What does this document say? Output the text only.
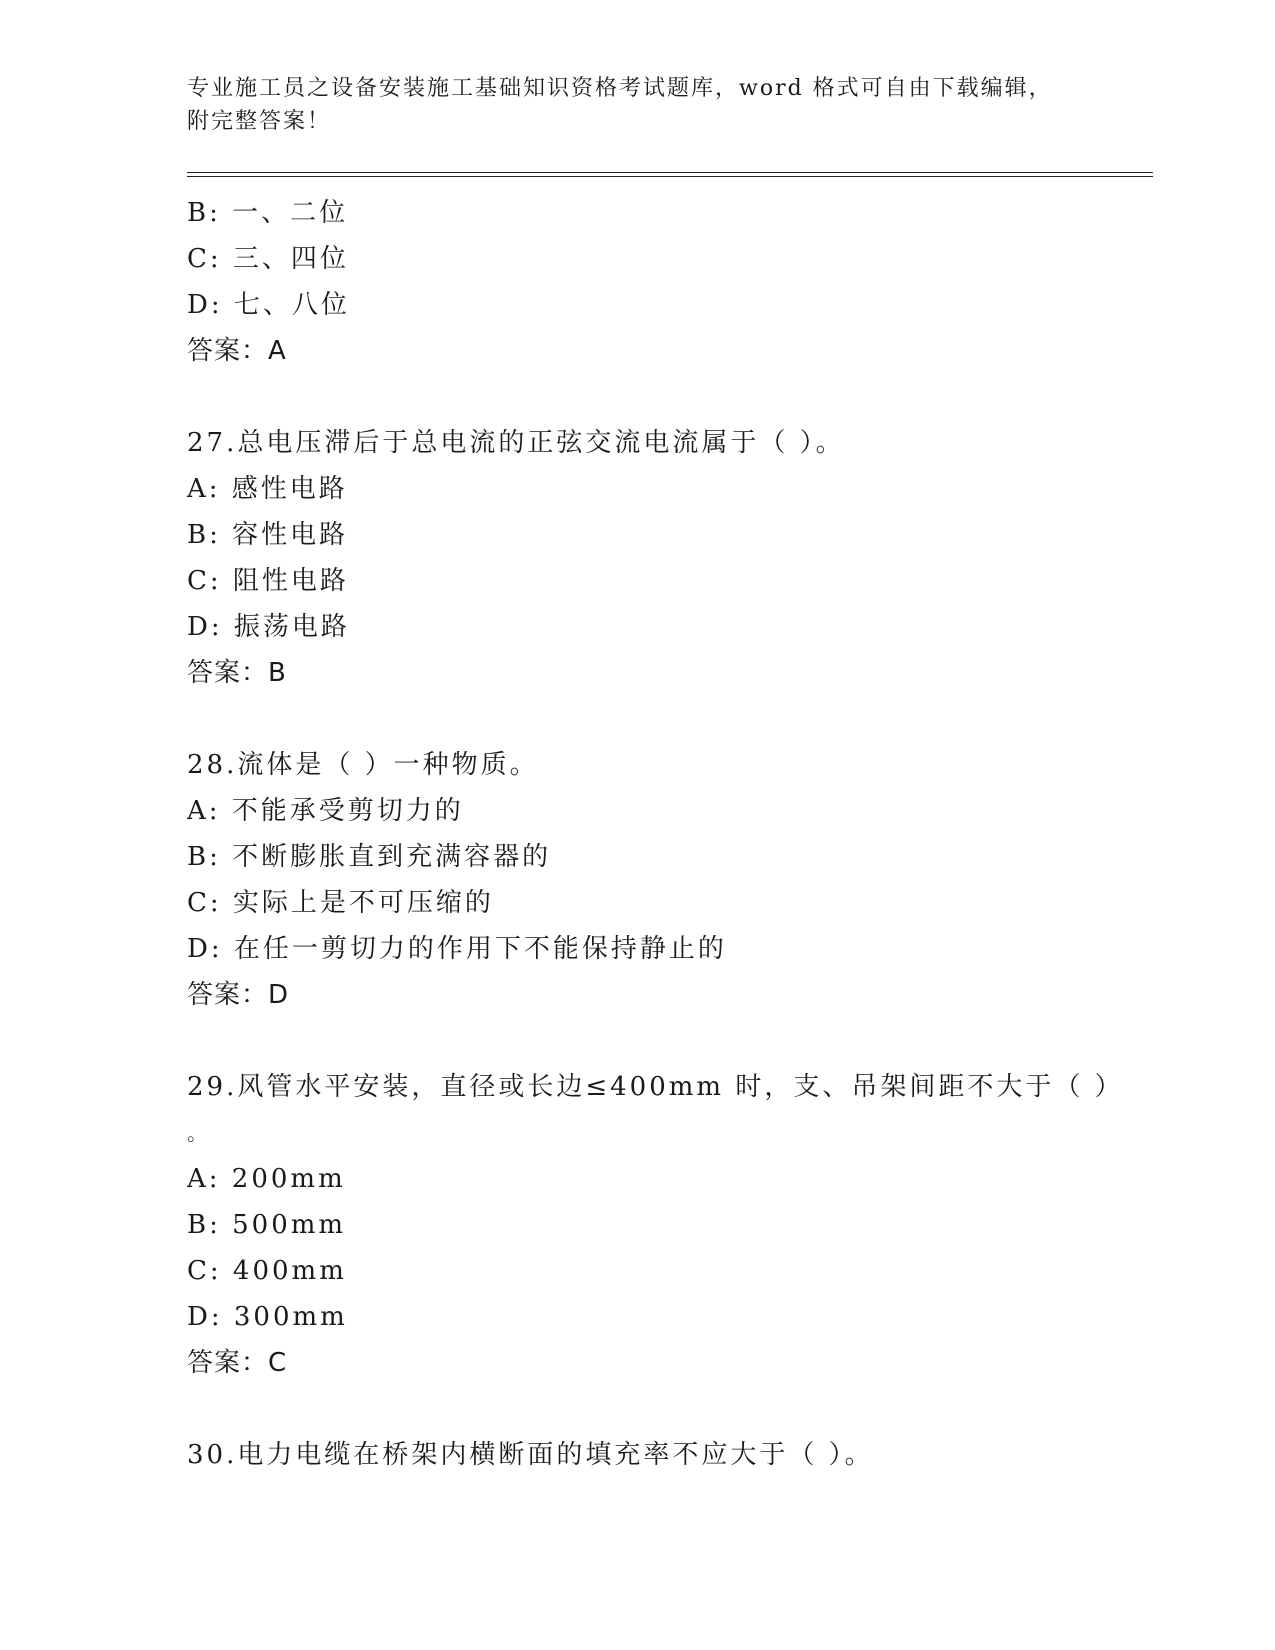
专业施工员之设备安装施工基础知识资格考试题库，word 格式可自由下载编辑，
附完整答案！
B: 一、二位
C: 三、四位
D: 七、八位
答案：A
27.总电压滞后于总电流的正弦交流电流属于（ ）。
A: 感性电路
B: 容性电路
C: 阻性电路
D: 振荡电路
答案：B
28.流体是（ ）一种物质。
A: 不能承受剪切力的
B: 不断膨胀直到充满容器的
C: 实际上是不可压缩的
D: 在任一剪切力的作用下不能保持静止的
答案：D
29.风管水平安装，直径或长边≤400mm 时，支、吊架间距不大于（ ）
。
A: 200mm
B: 500mm
C: 400mm
D: 300mm
答案：C
30.电力电缆在桥架内横断面的填充率不应大于（ ）。
